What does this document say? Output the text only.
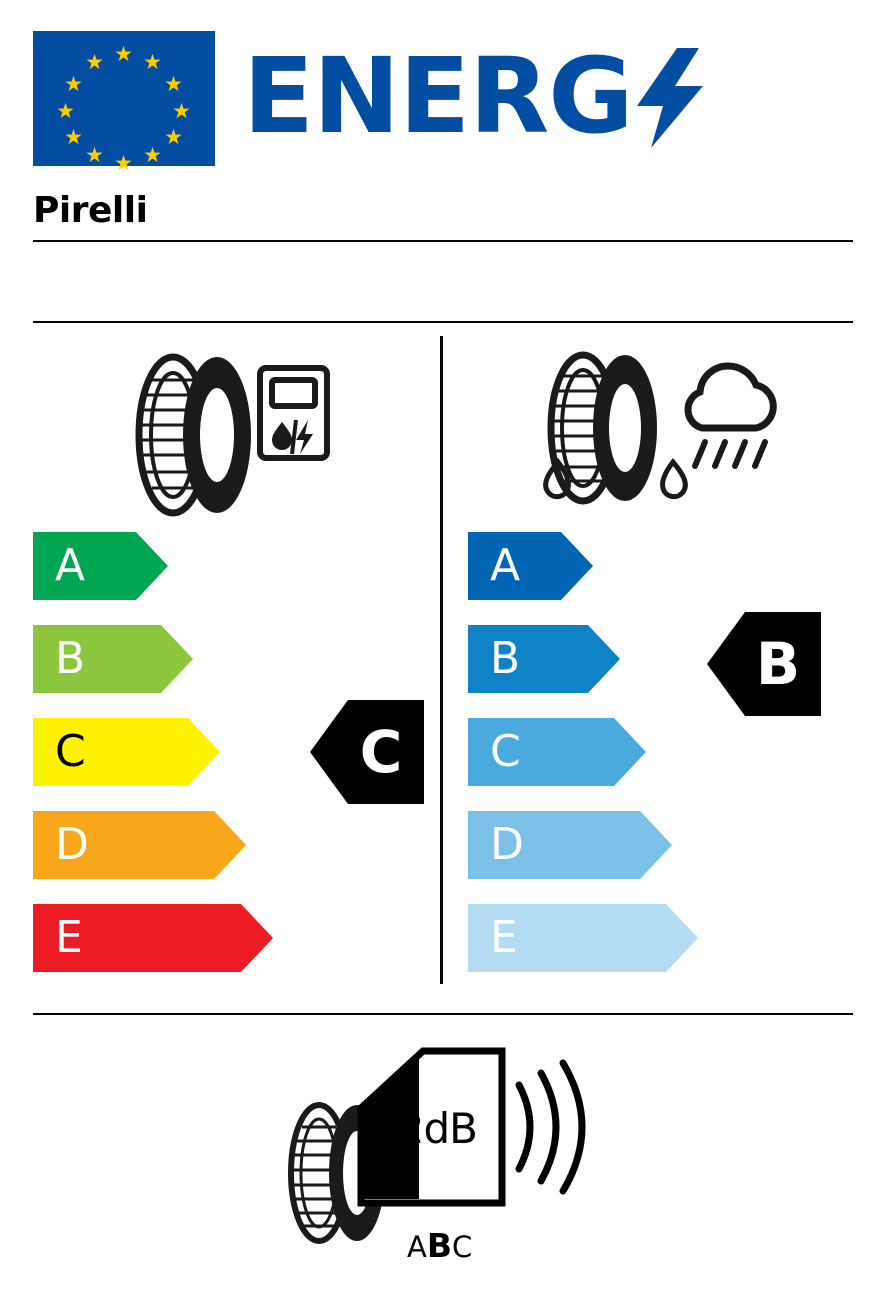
★
★ ★
★	★
★	★
★	★
★ ★
★
ENERG
Pirelli
A
B
C
D
E
C
A
B
C
D
E
B
72dB
ABC
